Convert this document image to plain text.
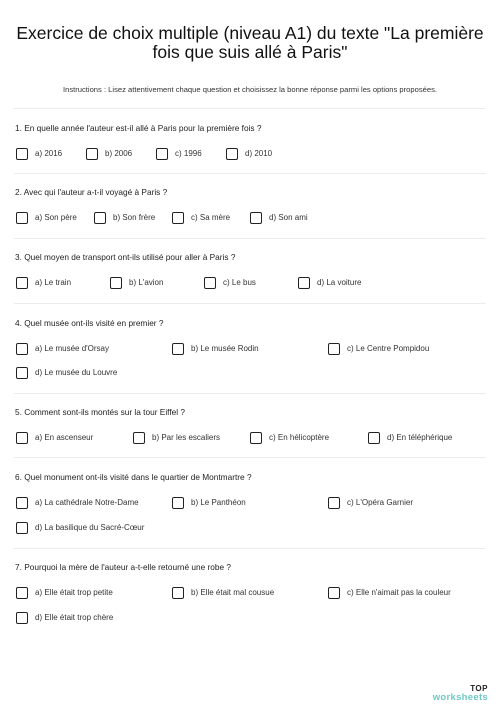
Exercice de choix multiple (niveau A1) du texte "La première
fois que suis allé à Paris"
Instructions : Lisez attentivement chaque question et choisissez la bonne réponse parmi les options proposées.
1. En quelle année l'auteur est-il allé à Paris pour la première fois ?
a) 2016	b) 2006	c) 1996	d) 2010
2. Avec qui l'auteur a-t-il voyagé à Paris ?
a) Son père	b) Son frère	c) Sa mère	d) Son ami
3. Quel moyen de transport ont-ils utilisé pour aller à Paris ?
a) Le train	b) L'avion	c) Le bus	d) La voiture
4. Quel musée ont-ils visité en premier ?
a) Le musée d'Orsay	b) Le musée Rodin	c) Le Centre Pompidou
d) Le musée du Louvre
5. Comment sont-ils montés sur la tour Eiffel ?
a) En ascenseur	b) Par les escaliers	c) En hélicoptère	d) En téléphérique
6. Quel monument ont-ils visité dans le quartier de Montmartre ?
a) La cathédrale Notre-Dame	b) Le Panthéon	c) L'Opéra Garnier
d) La basilique du Sacré-Cœur
7. Pourquoi la mère de l'auteur a-t-elle retourné une robe ?
a) Elle était trop petite	b) Elle était mal cousue	c) Elle n'aimait pas la couleur
d) Elle était trop chère
TOP
worksheets
